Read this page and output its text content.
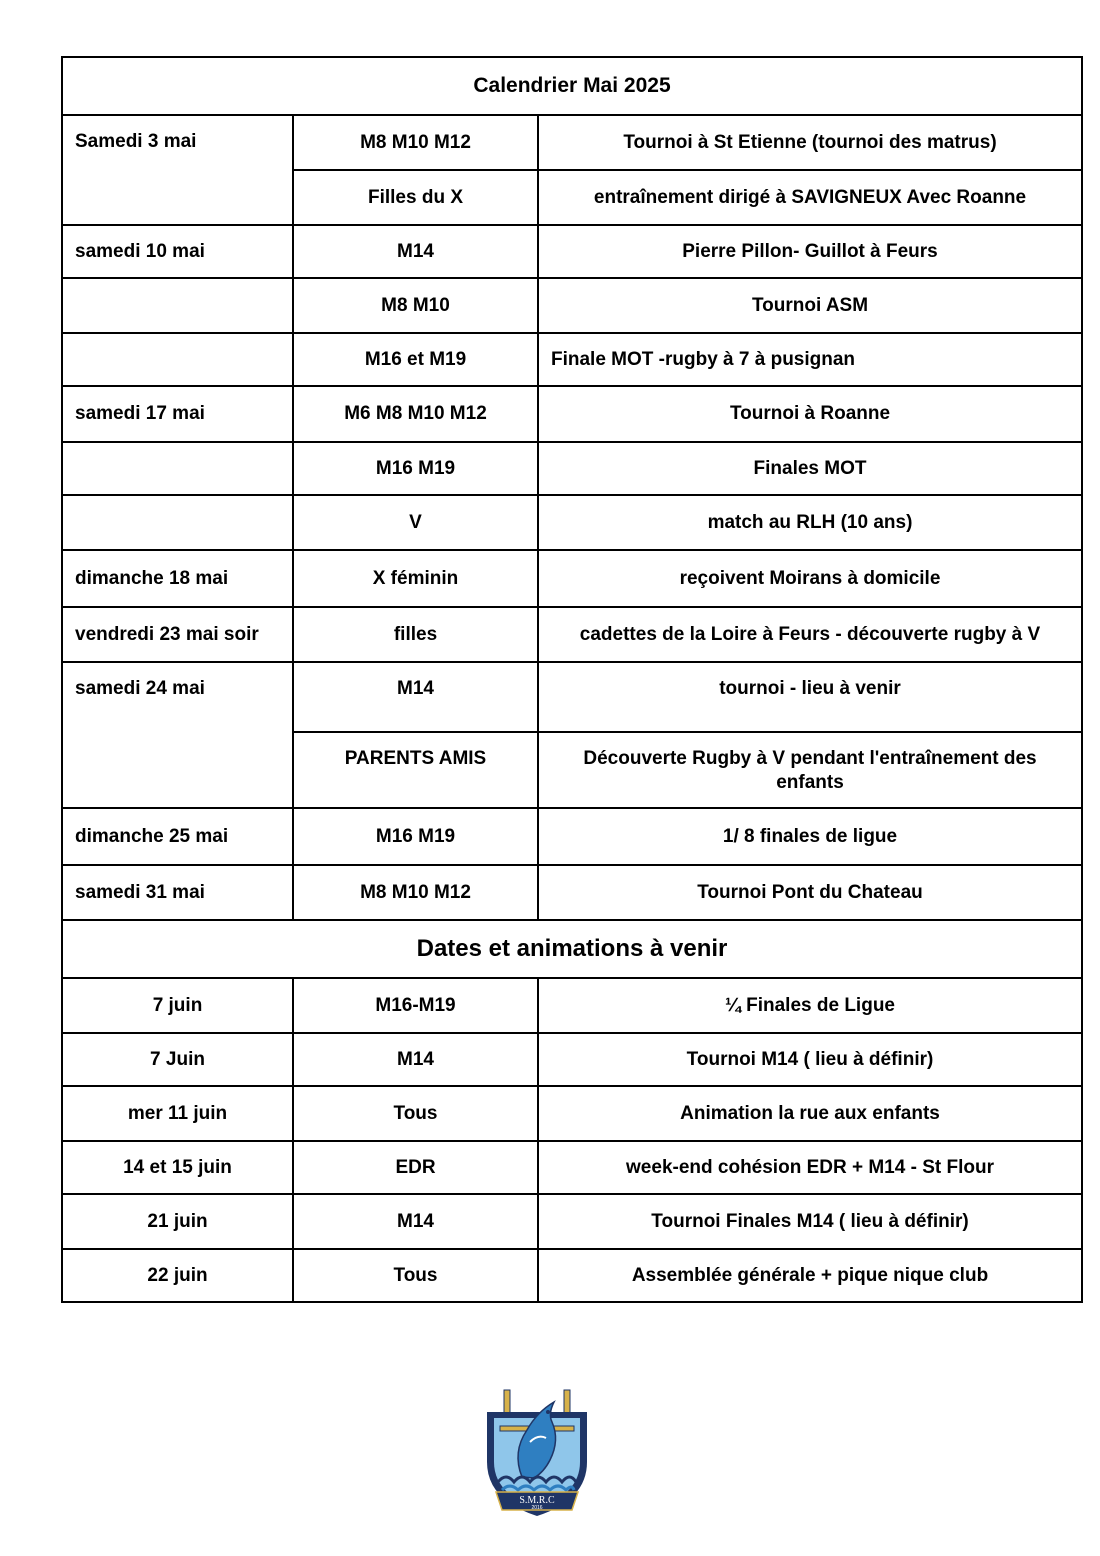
Calendrier Mai 2025		
Samedi 3 mai	M8 M10 M12	Tournoi à St Etienne (tournoi des matrus)
	Filles du X	entraînement dirigé à SAVIGNEUX Avec Roanne
samedi 10 mai	M14	Pierre Pillon- Guillot à Feurs
	M8 M10	Tournoi ASM
	M16 et M19	Finale MOT -rugby à 7 à pusignan
samedi 17 mai	M6 M8 M10 M12	Tournoi à Roanne
	M16 M19	Finales MOT
	V	match au RLH (10 ans)
dimanche 18 mai	X féminin	reçoivent Moirans à domicile
vendredi 23 mai soir	filles	cadettes de la Loire à Feurs - découverte rugby à V
samedi 24 mai	M14	tournoi - lieu à venir
	PARENTS AMIS	Découverte Rugby à V pendant l'entraînement des enfants
dimanche 25 mai	M16 M19	1/ 8 finales de ligue
samedi 31 mai	M8 M10 M12	Tournoi Pont du Chateau
Dates et animations à venir		
7 juin	M16-M19	¼ Finales de Ligue
7 Juin	M14	Tournoi M14 ( lieu à définir)
mer 11 juin	Tous	Animation la rue aux enfants
14 et 15 juin	EDR	week-end cohésion EDR + M14 - St Flour
21 juin	M14	Tournoi Finales M14 ( lieu à définir)
22 juin	Tous	Assemblée générale + pique nique club
S.M.R.C
2016
